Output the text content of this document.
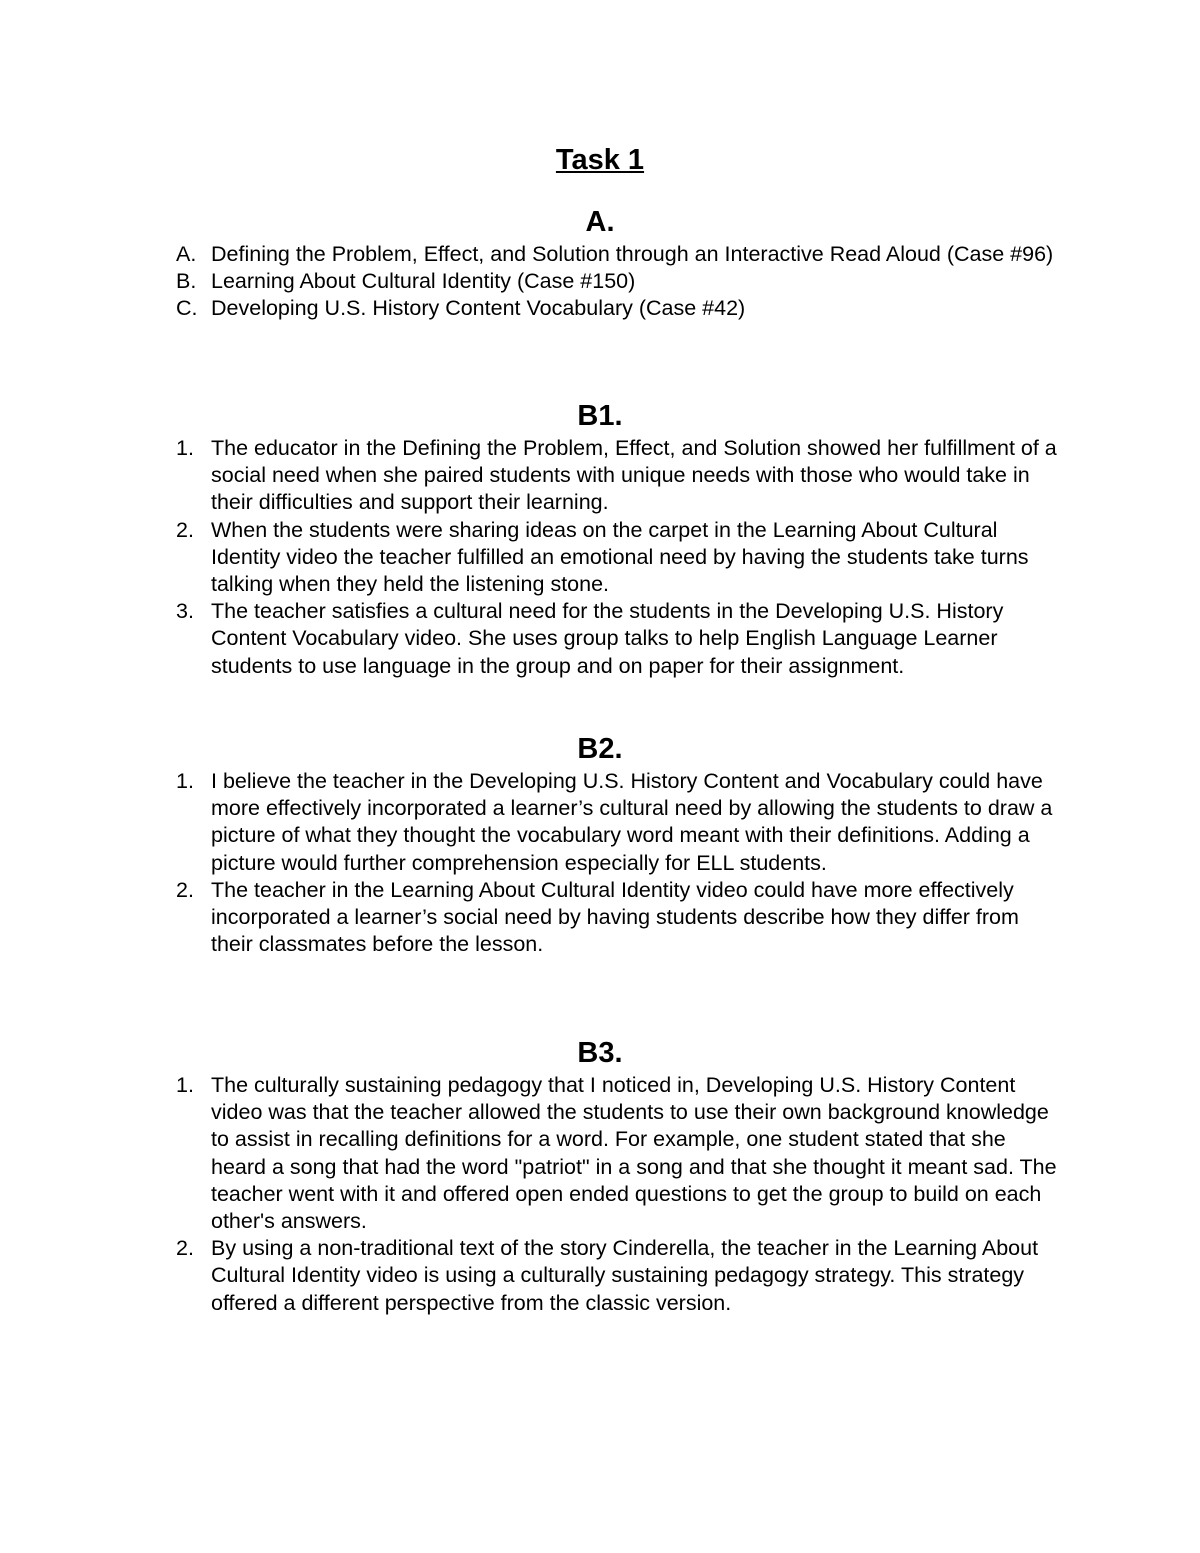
Task 1
A.
A. Defining the Problem, Effect, and Solution through an Interactive Read Aloud (Case #96)
B. Learning About Cultural Identity (Case #150)
C. Developing U.S. History Content Vocabulary (Case #42)
B1.
1. The educator in the Defining the Problem, Effect, and Solution showed her fulfillment of a social need when she paired students with unique needs with those who would take in their difficulties and support their learning.
2. When the students were sharing ideas on the carpet in the Learning About Cultural Identity video the teacher fulfilled an emotional need by having the students take turns talking when they held the listening stone.
3. The teacher satisfies a cultural need for the students in the Developing U.S. History Content Vocabulary video. She uses group talks to help English Language Learner students to use language in the group and on paper for their assignment.
B2.
1. I believe the teacher in the Developing U.S. History Content and Vocabulary could have more effectively incorporated a learner’s cultural need by allowing the students to draw a picture of what they thought the vocabulary word meant with their definitions. Adding a picture would further comprehension especially for ELL students.
2. The teacher in the Learning About Cultural Identity video could have more effectively incorporated a learner’s social need by having students describe how they differ from their classmates before the lesson.
B3.
1. The culturally sustaining pedagogy that I noticed in, Developing U.S. History Content video was that the teacher allowed the students to use their own background knowledge to assist in recalling definitions for a word. For example, one student stated that she heard a song that had the word "patriot" in a song and that she thought it meant sad. The teacher went with it and offered open ended questions to get the group to build on each other's answers.
2. By using a non-traditional text of the story Cinderella, the teacher in the Learning About Cultural Identity video is using a culturally sustaining pedagogy strategy. This strategy offered a different perspective from the classic version.
